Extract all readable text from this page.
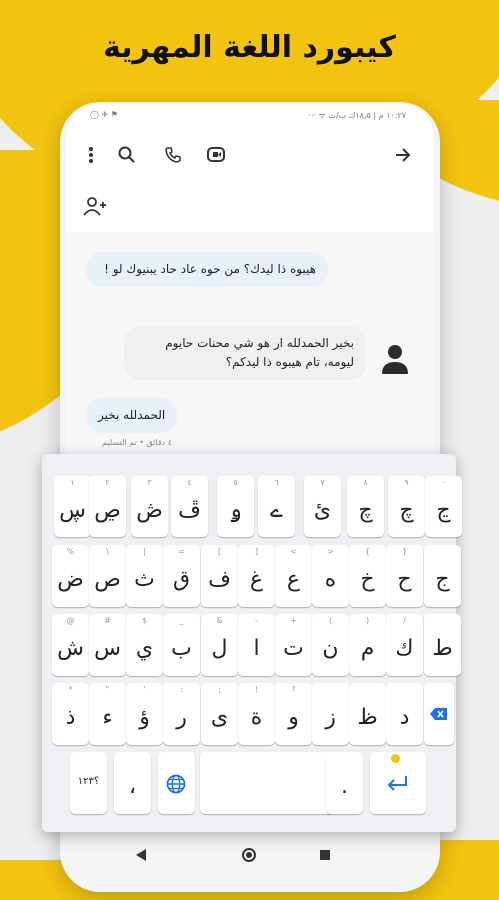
كيبورد اللغة المهرية
◯ ✈ ⚑	١٠:٢٧ م | ١٨٫٥ك ب/ث ᯤ ···
هيبوه ذا ليدك؟ من حوه عاد حاد يبنيوك لو !
بخير الحمدلله ار هو شي محنات حايوم ليومه، تام هيبوه ذا ليدكم؟
الحمدلله بخير
٤ دقائق • تم التسليم
١
ڛ
٢
ڝ
٣
ڞ
٤
ڦ
٥
ۅ
٦
ے
٧
ئ
٨
چ
٩
چ
٠
ڃ
%
ض
\
ص
|
ث
=
ق
[
ف
]
غ
<
ع
>
ه
{
خ
}
ح	ج
@
ش
#
س
$
ي
_
ب
&
ل
-
ا
+
ت
(
ن
)
م
/
ك ط
*
ذ
"
ء
'
ؤ
:
ر
;
ى
!
ة
?
و	ز ظ د
؟١٢٣	،	.
